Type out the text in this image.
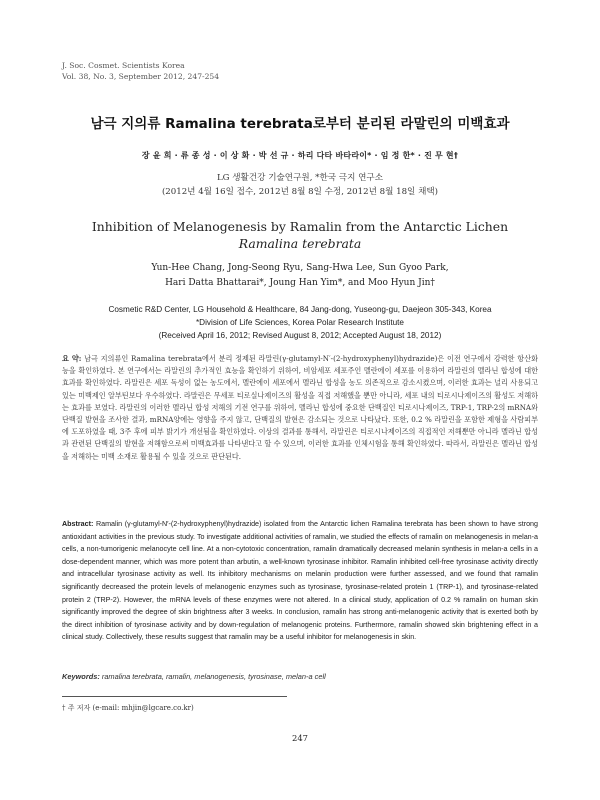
J. Soc. Cosmet. Scientists Korea
Vol. 38, No. 3, September 2012, 247-254
남극 지의류 Ramalina terebrata로부터 분리된 라말린의 미백효과
장 윤 희 · 류 종 성 · 이 상 화 · 박 선 규 · 하리 다타 바타라이* · 임 정 한* · 진 무 현†
LG 생활건강 기술연구원, *한국 극지 연구소
(2012년 4월 16일 접수, 2012년 8월 8일 수정, 2012년 8월 18일 채택)
Inhibition of Melanogenesis by Ramalin from the Antarctic Lichen
Ramalina terebrata
Yun-Hee Chang, Jong-Seong Ryu, Sang-Hwa Lee, Sun Gyoo Park,
Hari Datta Bhattarai*, Joung Han Yim*, and Moo Hyun Jin†
Cosmetic R&D Center, LG Household & Healthcare, 84 Jang-dong, Yuseong-gu, Daejeon 305-343, Korea
*Division of Life Sciences, Korea Polar Research Institute
(Received April 16, 2012; Revised August 8, 2012; Accepted August 18, 2012)
요 약: 남극 지의류인 Ramalina terebrata에서 분리 정제된 라말린(γ-glutamyl-N′-(2-hydroxyphenyl)hydrazide)은 이전 연구에서 강력한 항산화능을 확인하였다. 본 연구에서는 라말린의 추가적인 효능을 확인하기 위하여, 비암세포 세포주인 멜란에이 세포를 이용하여 라말린의 멜라닌 합성에 대한 효과를 확인하였다. 라말린은 세포 독성이 없는 농도에서, 멜란에이 세포에서 멜라닌 합성을 농도 의존적으로 감소시켰으며, 이러한 효과는 널리 사용되고 있는 미백제인 알부틴보다 우수하였다. 라말린은 무세포 티로실나제이즈의 활성을 직접 저해했을 뿐만 아니라, 세포 내의 티로시나제이즈의 활성도 저해하는 효과를 보였다. 라말린의 이러한 멜라닌 합성 저해의 기전 연구를 위하여, 멜라닌 합성에 중요한 단백질인 티로시나제이즈, TRP-1, TRP-2의 mRNA와 단백질 발현을 조사한 결과, mRNA양에는 영향을 주지 않고, 단백질의 발현은 감소되는 것으로 나타났다. 또한, 0.2 % 라말린을 포함한 제형을 사람피부에 도포하였을 때, 3주 후에 피부 밝기가 개선됨을 확인하였다. 이상의 결과를 통해서, 라말린은 티로시나제이즈의 직접적인 저해뿐만 아니라 멜라닌 합성과 관련된 단백질의 발현을 저해함으로써 미백효과를 나타낸다고 할 수 있으며, 이러한 효과를 인체시험을 통해 확인하였다. 따라서, 라말린은 멜라닌 합성을 저해하는 미백 소재로 활용될 수 있을 것으로 판단된다.
Abstract: Ramalin (γ-glutamyl-N′-(2-hydroxyphenyl)hydrazide) isolated from the Antarctic lichen Ramalina terebrata has been shown to have strong antioxidant activities in the previous study. To investigate additional activities of ramalin, we studied the effects of ramalin on melanogenesis in melan-a cells, a non-tumorigenic melanocyte cell line. At a non-cytotoxic concentration, ramalin dramatically decreased melanin synthesis in melan-a cells in a dose-dependent manner, which was more potent than arbutin, a well-known tyrosinase inhibitor. Ramalin inhibited cell-free tyrosinase activity directly and intracellular tyrosinase activity as well. Its inhibitory mechanisms on melanin production were further assessed, and we found that ramalin significantly decreased the protein levels of melanogenic enzymes such as tyrosinase, tyrosinase-related protein 1 (TRP-1), and tyrosinase-related protein 2 (TRP-2). However, the mRNA levels of these enzymes were not altered. In a clinical study, application of 0.2 % ramalin on human skin significantly improved the degree of skin brightness after 3 weeks. In conclusion, ramalin has strong anti-melanogenic activity that is exerted both by the direct inhibition of tyrosinase activity and by down-regulation of melanogenic proteins. Furthermore, ramalin showed skin brightening effect in a clinical study. Collectively, these results suggest that ramalin may be a useful inhibitor for melanogenesis in skin.
Keywords: ramalina terebrata, ramalin, melanogenesis, tyrosinase, melan-a cell
† 주 저자 (e-mail: mhjin@lgcare.co.kr)
247
